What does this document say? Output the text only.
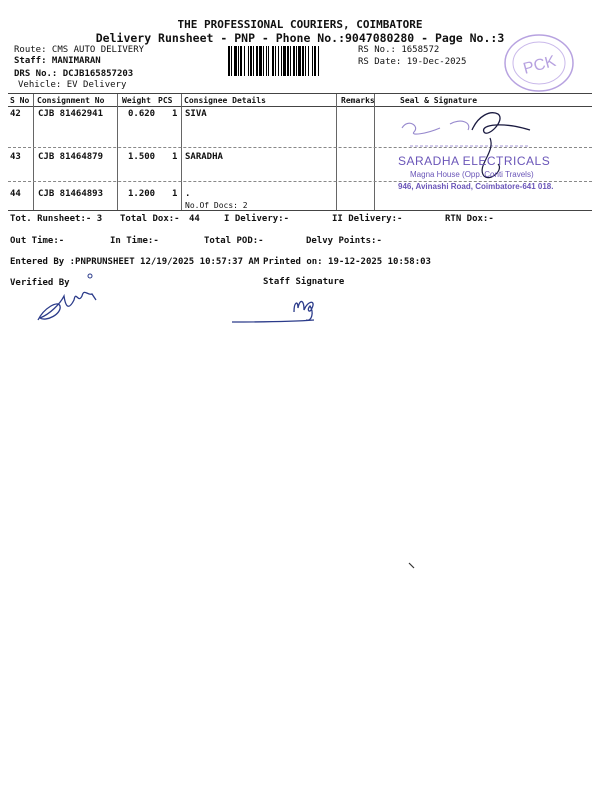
THE PROFESSIONAL COURIERS, COIMBATORE
Delivery Runsheet - PNP - Phone No.:9047080280 - Page No.:3
Route: CMS AUTO DELIVERY
Staff: MANIMARAN
DRS No.: DCJB165857203
Vehicle: EV Delivery
RS No.: 1658572
RS Date: 19-Dec-2025	PCK
S No Consignment No Weight PCS Consignee Details	Remarks	Seal & Signature
42 CJB 81462941	0.620 1 SIVA
43 CJB 81464879	1.500 1 SARADHA
44 CJB 81464893	1.200 1 .
No.Of Docs: 2
SARADHA ELECTRICALS
Magna House (Opp. Conti Travels)
946, Avinashi Road, Coimbatore-641 018.
Tot. Runsheet:- 3 Total Dox:- 44	I Delivery:-	II Delivery:-	RTN Dox:-
Out Time:-	In Time:-	Total POD:-	Delvy Points:-
Entered By :PNPRUNSHEET 12/19/2025 10:57:37 AM Printed on: 19-12-2025 10:58:03
Verified By	Staff Signature
